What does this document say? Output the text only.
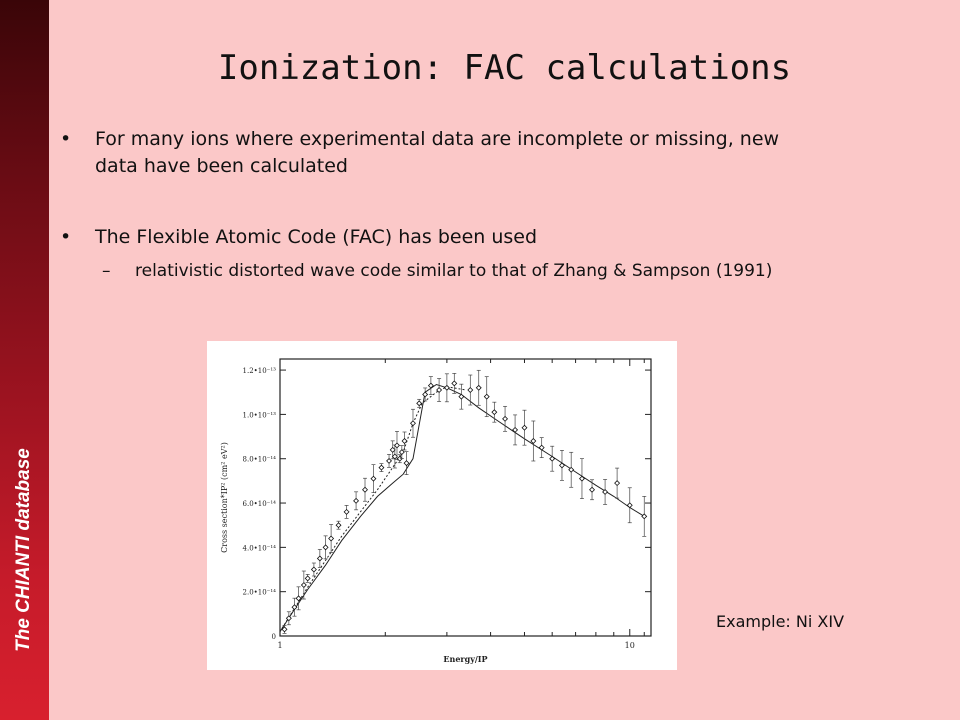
The CHIANTI database
Ionization: FAC calculations
• For many ions where experimental data are incomplete or missing, new data have been calculated
• The Flexible Atomic Code (FAC) has been used
– relativistic distorted wave code similar to that of Zhang & Sampson (1991)
0
2.0•10⁻¹⁴
4.0•10⁻¹⁴
6.0•10⁻¹⁴
8.0•10⁻¹⁴
1.0•10⁻¹³
1.2•10⁻¹³
1	10
Energy/IP
Cross section*IP² (cm² eV²)
Example: Ni XIV
